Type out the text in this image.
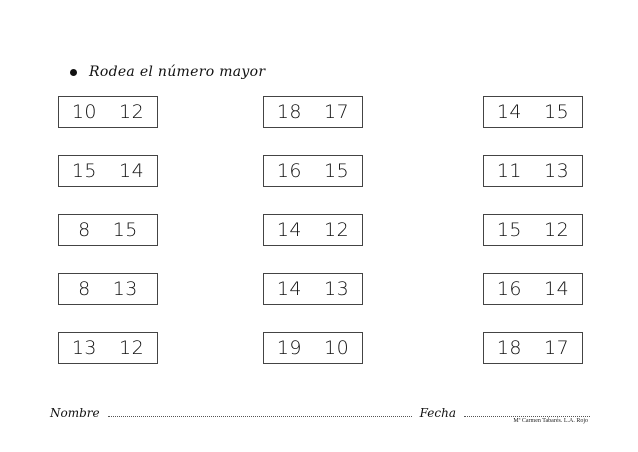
Rodea el número mayor
10 12
15 14
8 15
8 13
13 12
18 17
16 15
14 12
14 13
19 10
14 15
11 13
15 12
16 14
18 17
Nombre	Fecha
Mª Carmen Tabarés. L.A. Rojo
